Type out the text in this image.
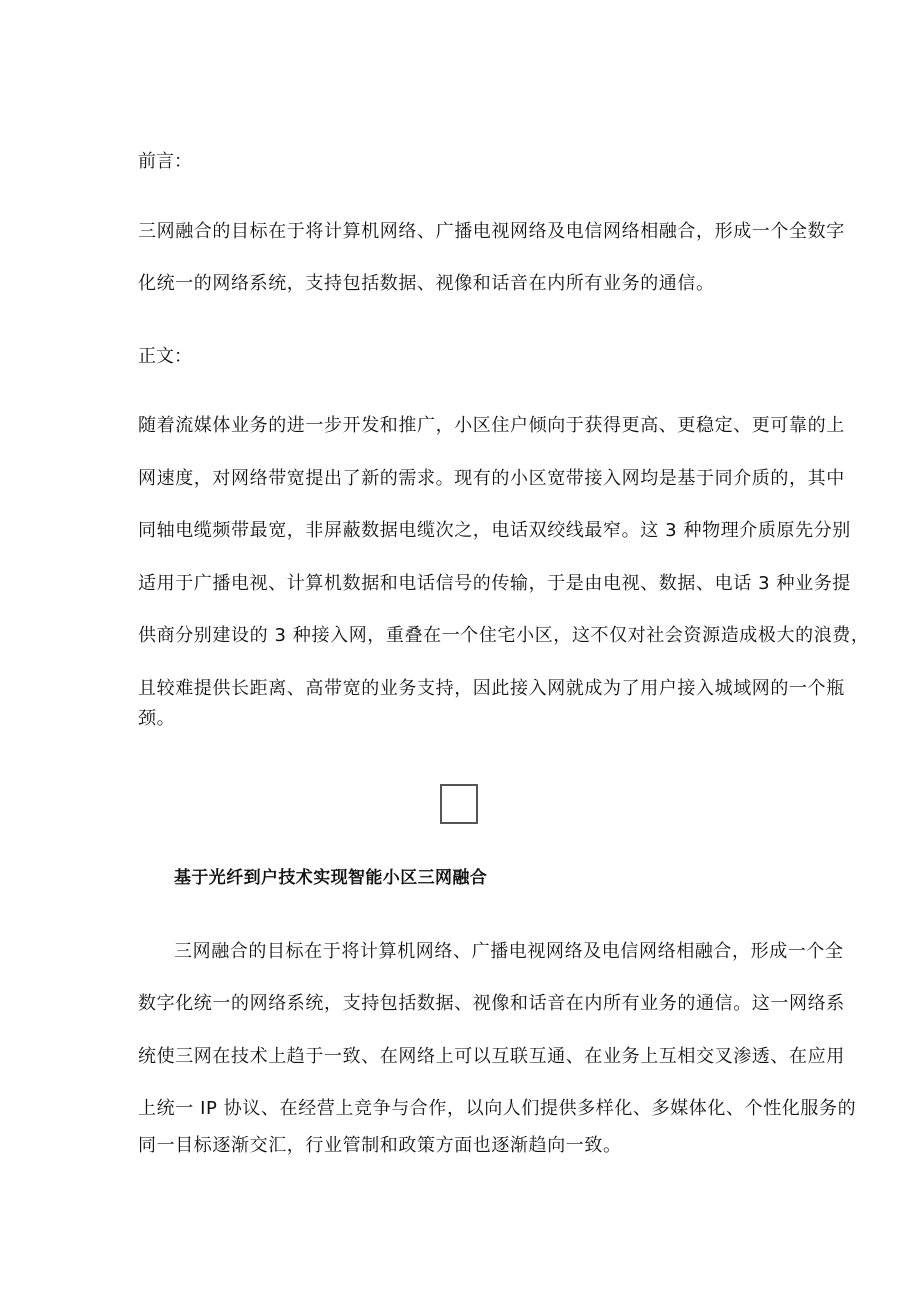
前言：
三网融合的目标在于将计算机网络、广播电视网络及电信网络相融合，形成一个全数字
化统一的网络系统，支持包括数据、视像和话音在内所有业务的通信。
正文：
随着流媒体业务的进一步开发和推广，小区住户倾向于获得更高、更稳定、更可靠的上
网速度，对网络带宽提出了新的需求。现有的小区宽带接入网均是基于同介质的，其中
同轴电缆频带最宽，非屏蔽数据电缆次之，电话双绞线最窄。这 3 种物理介质原先分别
适用于广播电视、计算机数据和电话信号的传输，于是由电视、数据、电话 3 种业务提
供商分别建设的 3 种接入网，重叠在一个住宅小区，这不仅对社会资源造成极大的浪费，
且较难提供长距离、高带宽的业务支持，因此接入网就成为了用户接入城域网的一个瓶
颈。
基于光纤到户技术实现智能小区三网融合
三网融合的目标在于将计算机网络、广播电视网络及电信网络相融合，形成一个全
数字化统一的网络系统，支持包括数据、视像和话音在内所有业务的通信。这一网络系
统使三网在技术上趋于一致、在网络上可以互联互通、在业务上互相交叉渗透、在应用
上统一 IP 协议、在经营上竞争与合作，以向人们提供多样化、多媒体化、个性化服务的
同一目标逐渐交汇，行业管制和政策方面也逐渐趋向一致。
